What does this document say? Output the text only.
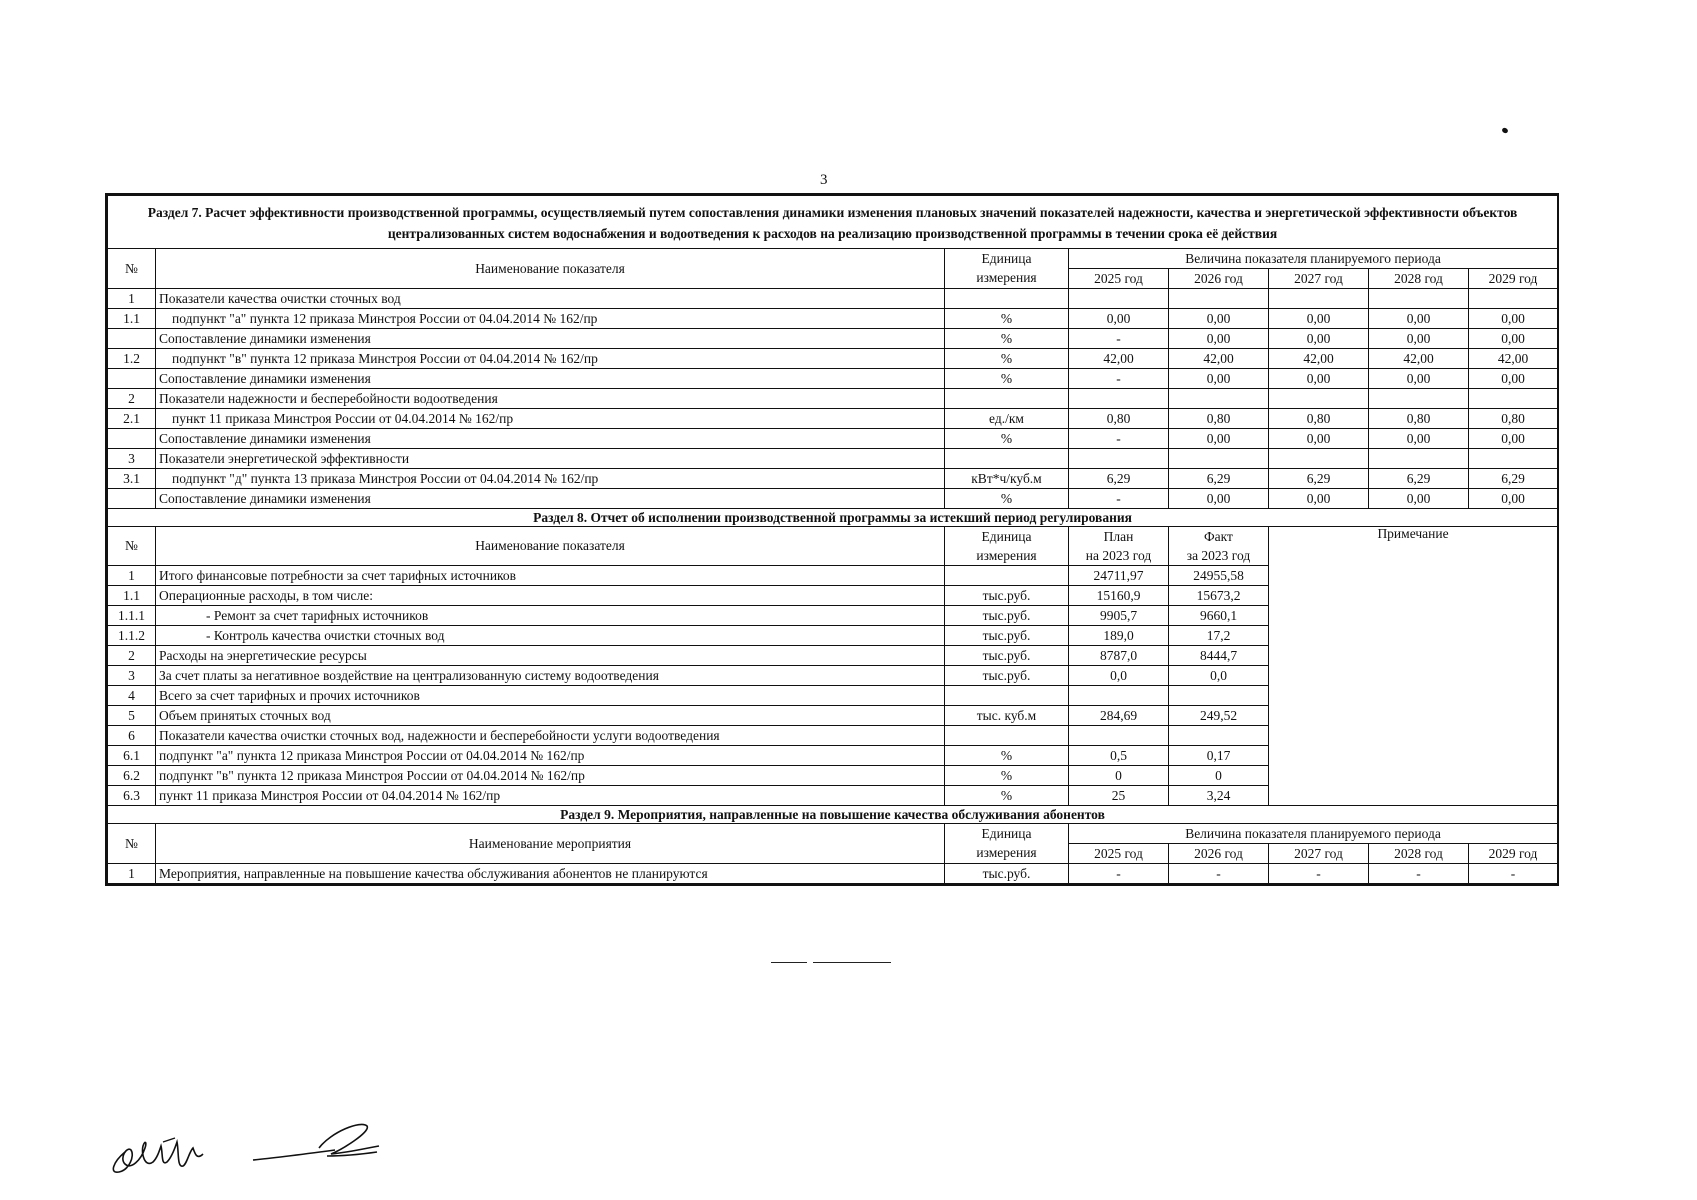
3
Раздел 7. Расчет эффективности производственной программы, осуществляемый путем сопоставления динамики изменения плановых значений показателей надежности, качества и энергетической эффективности объектов централизованных систем водоснабжения и водоотведения к расходов на реализацию производственной программы в течении срока её действия							
№	Наименование показателя	Единица	Величина показателя планируемого периода				
		измерения	2025 год	2026 год	2027 год	2028 год	2029 год
1	Показатели качества очистки сточных вод						
1.1	подпункт "а" пункта 12 приказа Минстроя России от 04.04.2014 № 162/пр	%	0,00	0,00	0,00	0,00	0,00
	Сопоставление динамики изменения	%	-	0,00	0,00	0,00	0,00
1.2	подпункт "в" пункта 12 приказа Минстроя России от 04.04.2014 № 162/пр	%	42,00	42,00	42,00	42,00	42,00
	Сопоставление динамики изменения	%	-	0,00	0,00	0,00	0,00
2	Показатели надежности и бесперебойности водоотведения						
2.1	пункт 11 приказа Минстроя России от 04.04.2014 № 162/пр	ед./км	0,80	0,80	0,80	0,80	0,80
	Сопоставление динамики изменения	%	-	0,00	0,00	0,00	0,00
3	Показатели энергетической эффективности						
3.1	подпункт "д" пункта 13 приказа Минстроя России от 04.04.2014 № 162/пр	кВт*ч/куб.м	6,29	6,29	6,29	6,29	6,29
	Сопоставление динамики изменения	%	-	0,00	0,00	0,00	0,00
Раздел 8. Отчет об исполнении производственной программы за истекший период регулирования							
№	Наименование показателя	Единица	План	Факт	Примечание		
		измерения	на 2023 год	за 2023 год			
1	Итого финансовые потребности за счет тарифных источников		24711,97	24955,58			
1.1	Операционные расходы, в том числе:	тыс.руб.	15160,9	15673,2			
1.1.1	- Ремонт за счет тарифных источников	тыс.руб.	9905,7	9660,1			
1.1.2	- Контроль качества очистки сточных вод	тыс.руб.	189,0	17,2			
2	Расходы на энергетические ресурсы	тыс.руб.	8787,0	8444,7			
3	За счет платы за негативное воздействие на централизованную систему водоотведения	тыс.руб.	0,0	0,0			
4	Всего за счет тарифных и прочих источников						
5	Объем принятых сточных вод	тыс. куб.м	284,69	249,52			
6	Показатели качества очистки сточных вод, надежности и бесперебойности услуги водоотведения						
6.1	подпункт "а" пункта 12 приказа Минстроя России от 04.04.2014 № 162/пр	%	0,5	0,17			
6.2	подпункт "в" пункта 12 приказа Минстроя России от 04.04.2014 № 162/пр	%	0	0			
6.3	пункт 11 приказа Минстроя России от 04.04.2014 № 162/пр	%	25	3,24			
Раздел 9. Мероприятия, направленные на повышение качества обслуживания абонентов							
№	Наименование мероприятия	Единица	Величина показателя планируемого периода				
		измерения	2025 год	2026 год	2027 год	2028 год	2029 год
1	Мероприятия, направленные на повышение качества обслуживания абонентов не планируются	тыс.руб.	-	-	-	-	-
